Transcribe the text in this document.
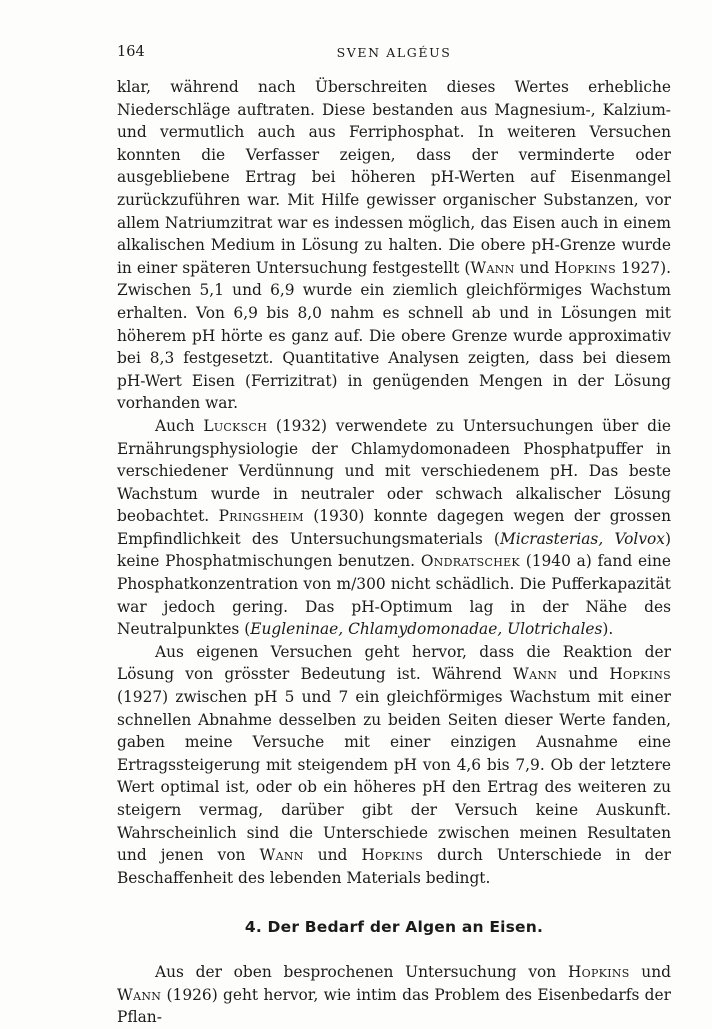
164	SVEN ALGÉUS

klar, während nach Überschreiten dieses Wertes erhebliche Niederschläge auftraten. Diese bestanden aus Magnesium-, Kalzium- und vermutlich auch aus Ferriphosphat. In weiteren Versuchen konnten die Verfasser zeigen, dass der verminderte oder ausgebliebene Ertrag bei höheren pH-Werten auf Eisenmangel zurückzuführen war. Mit Hilfe gewisser organischer Substanzen, vor allem Natriumzitrat war es indessen möglich, das Eisen auch in einem alkalischen Medium in Lösung zu halten. Die obere pH-Grenze wurde in einer späteren Untersuchung festgestellt (Wann und Hopkins 1927). Zwischen 5,1 und 6,9 wurde ein ziemlich gleichförmiges Wachstum erhalten. Von 6,9 bis 8,0 nahm es schnell ab und in Lösungen mit höherem pH hörte es ganz auf. Die obere Grenze wurde approximativ bei 8,3 festgesetzt. Quantitative Analysen zeigten, dass bei diesem pH-Wert Eisen (Ferrizitrat) in genügenden Mengen in der Lösung vorhanden war.

Auch Lucksch (1932) verwendete zu Untersuchungen über die Ernährungsphysiologie der Chlamydomonadeen Phosphatpuffer in verschiedener Verdünnung und mit verschiedenem pH. Das beste Wachstum wurde in neutraler oder schwach alkalischer Lösung beobachtet. Pringsheim (1930) konnte dagegen wegen der grossen Empfindlichkeit des Untersuchungsmaterials (Micrasterias, Volvox) keine Phosphatmischungen benutzen. Ondratschek (1940 a) fand eine Phosphatkonzentration von m/300 nicht schädlich. Die Pufferkapazität war jedoch gering. Das pH-Optimum lag in der Nähe des Neutralpunktes (Eugleninae, Chlamydomonadae, Ulotrichales).

Aus eigenen Versuchen geht hervor, dass die Reaktion der Lösung von grösster Bedeutung ist. Während Wann und Hopkins (1927) zwischen pH 5 und 7 ein gleichförmiges Wachstum mit einer schnellen Abnahme desselben zu beiden Seiten dieser Werte fanden, gaben meine Versuche mit einer einzigen Ausnahme eine Ertragssteigerung mit steigendem pH von 4,6 bis 7,9. Ob der letztere Wert optimal ist, oder ob ein höheres pH den Ertrag des weiteren zu steigern vermag, darüber gibt der Versuch keine Auskunft. Wahrscheinlich sind die Unterschiede zwischen meinen Resultaten und jenen von Wann und Hopkins durch Unterschiede in der Beschaffenheit des lebenden Materials bedingt.

4. Der Bedarf der Algen an Eisen.

Aus der oben besprochenen Untersuchung von Hopkins und Wann (1926) geht hervor, wie intim das Problem des Eisenbedarfs der Pflan-
